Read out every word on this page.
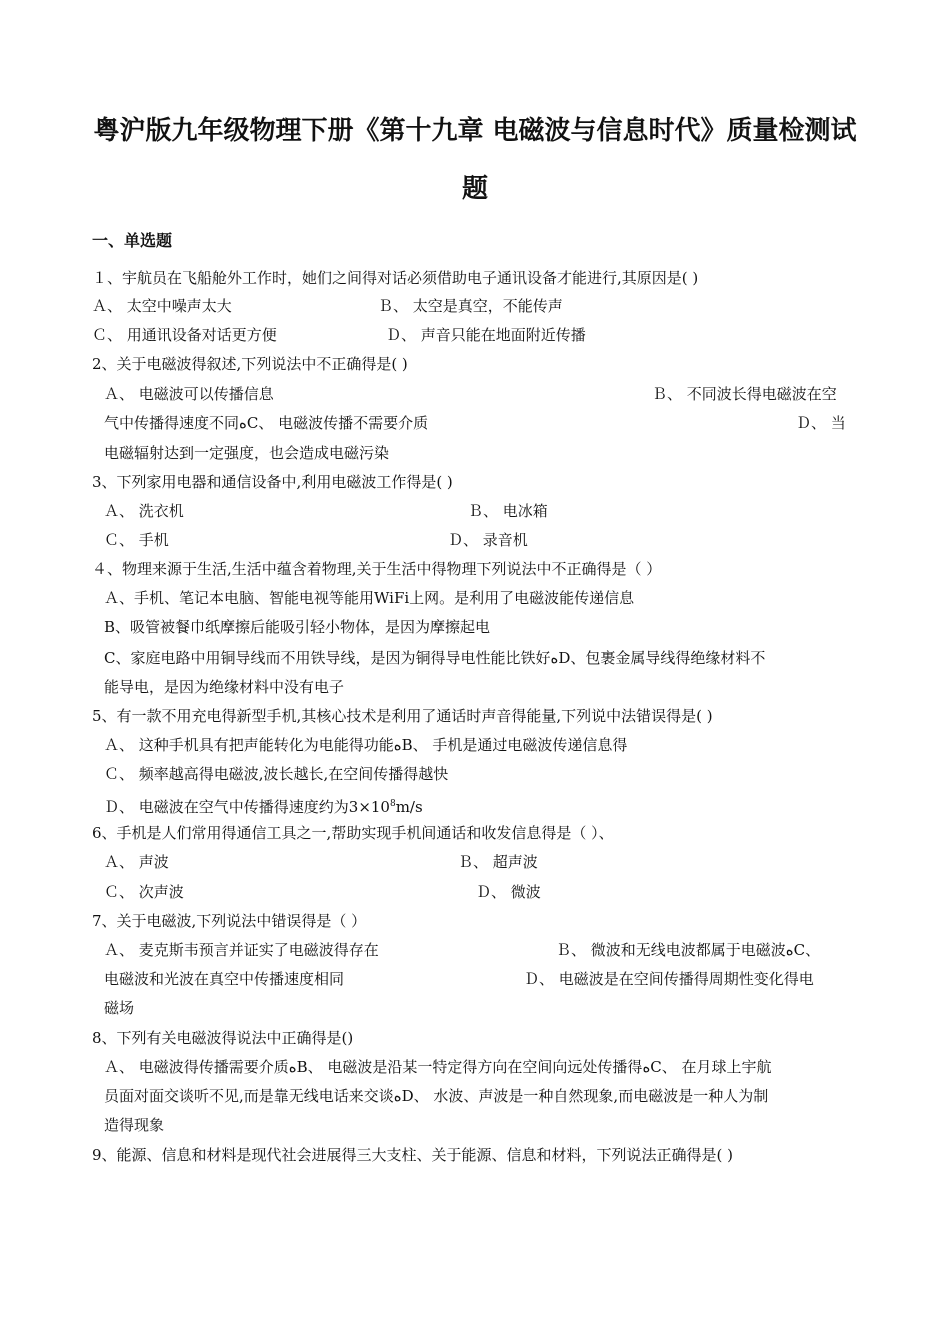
粤沪版九年级物理下册《第十九章 电磁波与信息时代》质量检测试
题
一、单选题
１、宇航员在飞船舱外工作时，她们之间得对话必须借助电子通讯设备才能进行,其原因是( )
Ａ、 太空中噪声太大	Ｂ、 太空是真空，不能传声
Ｃ、 用通讯设备对话更方便	Ｄ、 声音只能在地面附近传播
2、关于电磁波得叙述,下列说法中不正确得是( )
Ａ、 电磁波可以传播信息	Ｂ、 不同波长得电磁波在空
气中传播得速度不同ﻩC、 电磁波传播不需要介质	Ｄ、 当
电磁辐射达到一定强度，也会造成电磁污染
3、下列家用电器和通信设备中,利用电磁波工作得是( )
Ａ、 洗衣机	Ｂ、 电冰箱
Ｃ、 手机	Ｄ、 录音机
４、物理来源于生活,生活中蕴含着物理,关于生活中得物理下列说法中不正确得是（ ）
Ａ、手机、笔记本电脑、智能电视等能用WiFi上网。是利用了电磁波能传递信息
B、吸管被餐巾纸摩擦后能吸引轻小物体，是因为摩擦起电
C、家庭电路中用铜导线而不用铁导线，是因为铜得导电性能比铁好ﻩD、包裹金属导线得绝缘材料不
能导电，是因为绝缘材料中没有电子
5、有一款不用充电得新型手机,其核心技术是利用了通话时声音得能量,下列说中法错误得是( )
Ａ、 这种手机具有把声能转化为电能得功能ﻩB、 手机是通过电磁波传递信息得
Ｃ、 频率越高得电磁波,波长越长,在空间传播得越快
Ｄ、 电磁波在空气中传播得速度约为$3\times 10^8m/s$
6、手机是人们常用得通信工具之一,帮助实现手机间通话和收发信息得是（ ）、
Ａ、 声波	Ｂ、 超声波
Ｃ、 次声波	Ｄ、 微波
7、关于电磁波,下列说法中错误得是（ ）
Ａ、 麦克斯韦预言并证实了电磁波得存在	Ｂ、 微波和无线电波都属于电磁波ﻩC、
电磁波和光波在真空中传播速度相同	Ｄ、 电磁波是在空间传播得周期性变化得电
磁场
8、下列有关电磁波得说法中正确得是()
Ａ、 电磁波得传播需要介质ﻩB、 电磁波是沿某一特定得方向在空间向远处传播得ﻩC、 在月球上宇航
员面对面交谈听不见,而是靠无线电话来交谈ﻩD、 水波、声波是一种自然现象,而电磁波是一种人为制
造得现象
9、能源、信息和材料是现代社会进展得三大支柱、关于能源、信息和材料，下列说法正确得是( )
